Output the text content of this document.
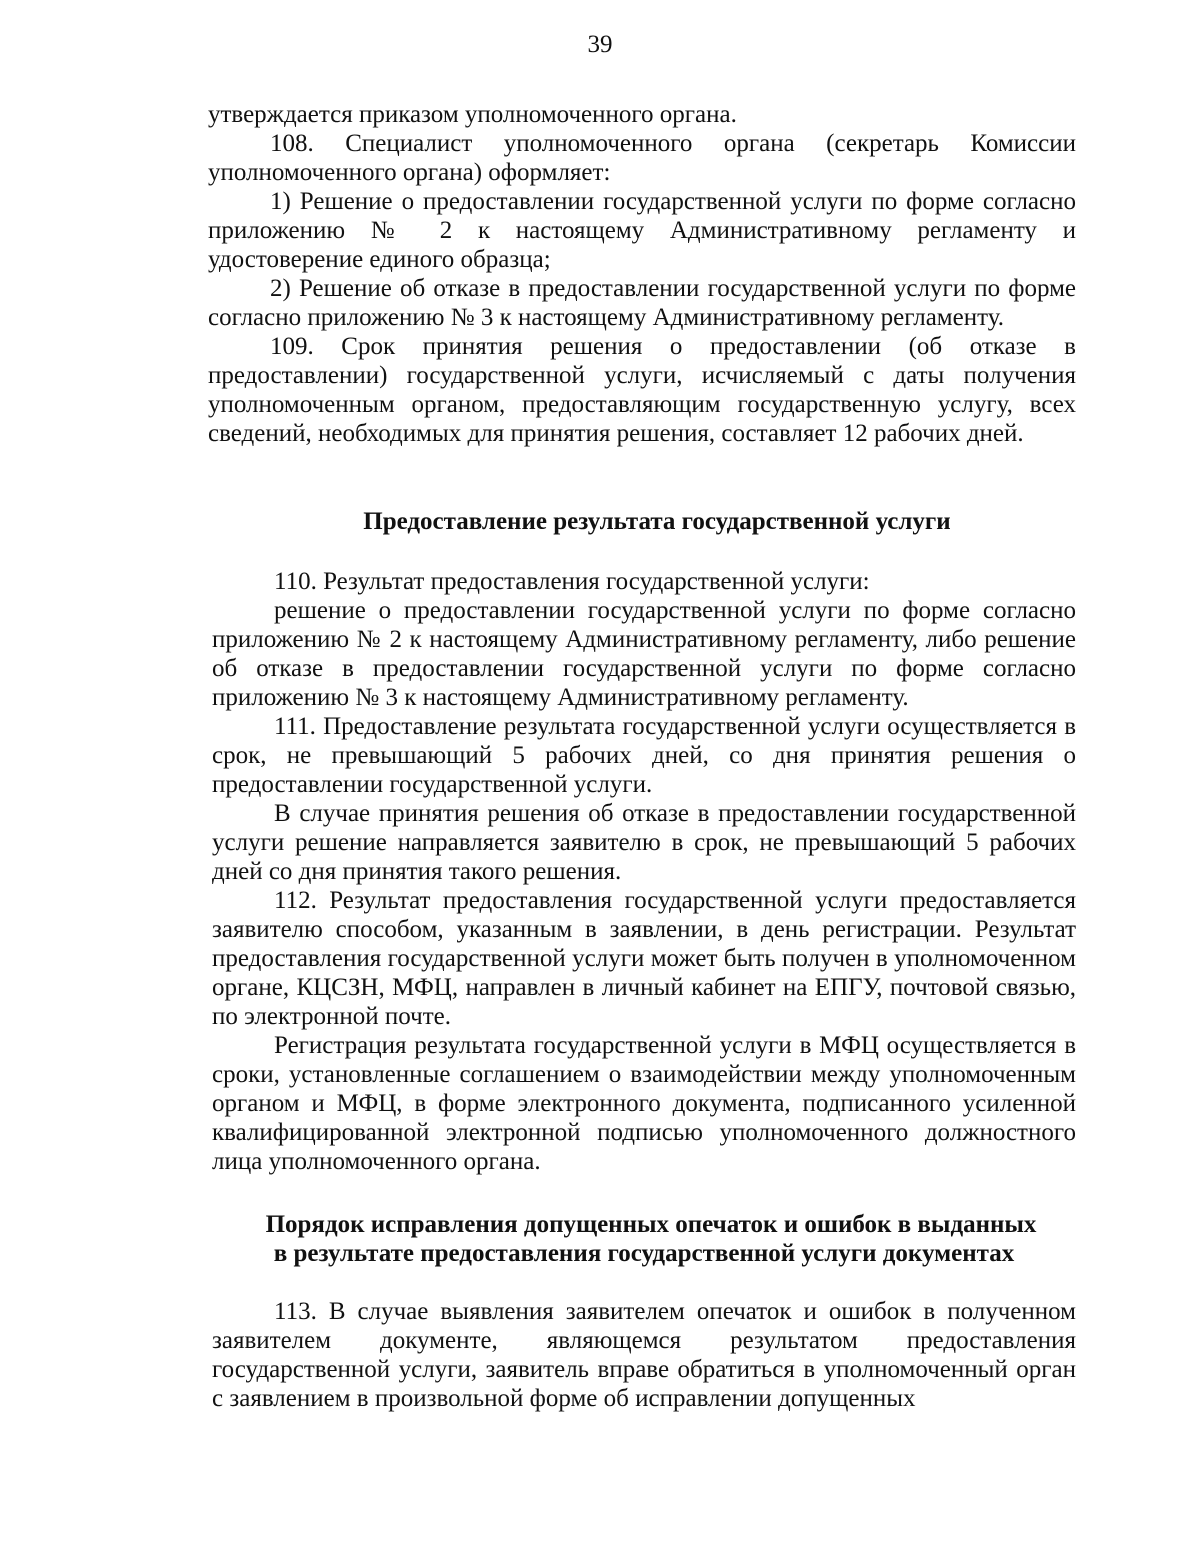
39

утверждается приказом уполномоченного органа.

108. Специалист уполномоченного органа (секретарь Комиссии уполномоченного органа) оформляет:

1) Решение о предоставлении государственной услуги по форме согласно приложению № 2 к настоящему Административному регламенту и удостоверение единого образца;

2) Решение об отказе в предоставлении государственной услуги по форме согласно приложению № 3 к настоящему Административному регламенту.

109. Срок принятия решения о предоставлении (об отказе в предоставлении) государственной услуги, исчисляемый с даты получения уполномоченным органом, предоставляющим государственную услугу, всех сведений, необходимых для принятия решения, составляет 12 рабочих дней.

Предоставление результата государственной услуги

110. Результат предоставления государственной услуги:

решение о предоставлении государственной услуги по форме согласно приложению № 2 к настоящему Административному регламенту, либо решение об отказе в предоставлении государственной услуги по форме согласно приложению № 3 к настоящему Административному регламенту.

111. Предоставление результата государственной услуги осуществляется в срок, не превышающий 5 рабочих дней, со дня принятия решения о предоставлении государственной услуги.

В случае принятия решения об отказе в предоставлении государственной услуги решение направляется заявителю в срок, не превышающий 5 рабочих дней со дня принятия такого решения.

112. Результат предоставления государственной услуги предоставляется заявителю способом, указанным в заявлении, в день регистрации. Результат предоставления государственной услуги может быть получен в уполномоченном органе, КЦСЗН, МФЦ, направлен в личный кабинет на ЕПГУ, почтовой связью, по электронной почте.

Регистрация результата государственной услуги в МФЦ осуществляется в сроки, установленные соглашением о взаимодействии между уполномоченным органом и МФЦ, в форме электронного документа, подписанного усиленной квалифицированной электронной подписью уполномоченного должностного лица уполномоченного органа.

Порядок исправления допущенных опечаток и ошибок в выданных

в результате предоставления государственной услуги документах

113. В случае выявления заявителем опечаток и ошибок в полученном заявителем документе, являющемся результатом предоставления государственной услуги, заявитель вправе обратиться в уполномоченный орган с заявлением в произвольной форме об исправлении допущенных
